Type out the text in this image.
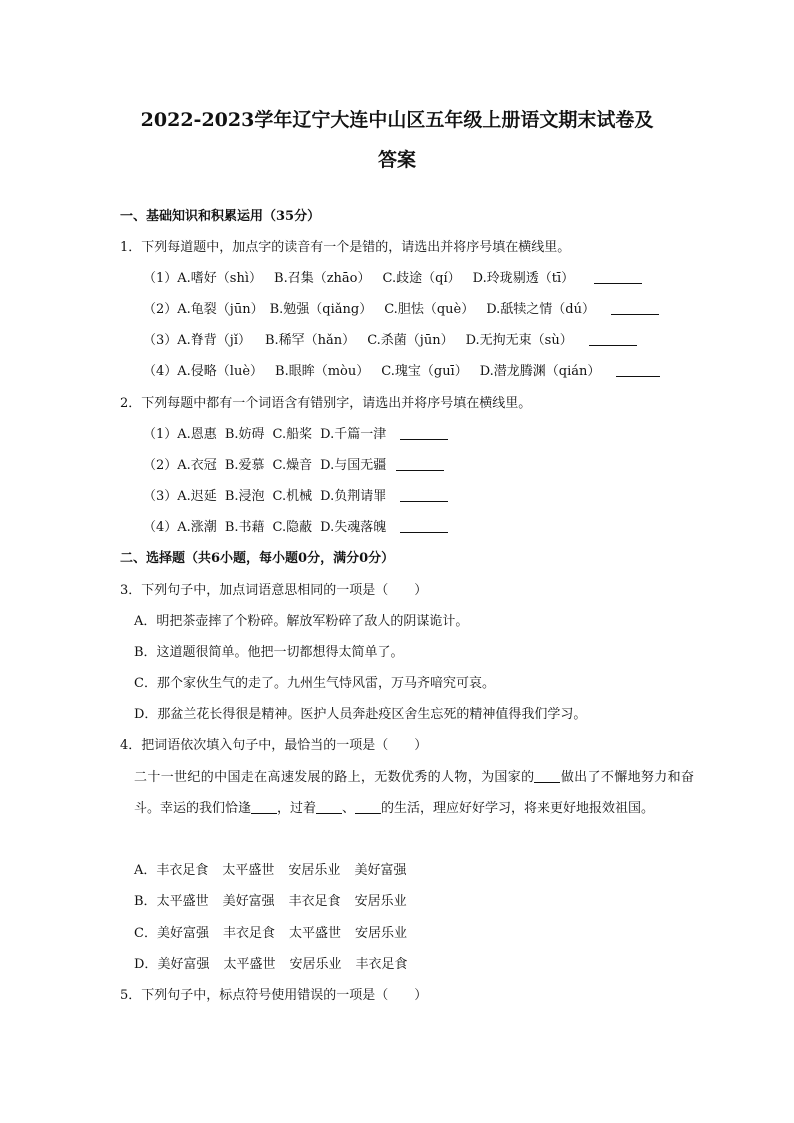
2022-2023学年辽宁大连中山区五年级上册语文期末试卷及
答案
一、基础知识和积累运用（35分）
1．下列每道题中，加点字的读音有一个是错的，请选出并将序号填在横线里。
（1）A.嗜好（shì） B.召集（zhāo） C.歧途（qí） D.玲珑剔透（tī）
（2）A.龟裂（jūn） B.勉强（qiǎng） C.胆怯（què） D.舐犊之情（dú）
（3）A.脊背（jǐ） B.稀罕（hǎn） C.杀菌（jūn） D.无拘无束（sù）
（4）A.侵略（luè） B.眼眸（mòu） C.瑰宝（guī） D.潜龙腾渊（qián）
2．下列每题中都有一个词语含有错别字，请选出并将序号填在横线里。
（1）A.恩惠 B.妨碍 C.船桨 D.千篇一津
（2）A.衣冠 B.爱慕 C.燥音 D.与国无疆
（3）A.迟延 B.浸泡 C.机械 D.负荆请罪
（4）A.涨潮 B.书藉 C.隐蔽 D.失魂落魄
二、选择题（共6小题，每小题0分，满分0分）
3．下列句子中，加点词语意思相同的一项是（　　）
A．明把茶壶摔了个粉碎。解放军粉碎了敌人的阴谋诡计。
B．这道题很简单。他把一切都想得太简单了。
C．那个家伙生气的走了。九州生气恃风雷，万马齐喑究可哀。
D．那盆兰花长得很是精神。医护人员奔赴疫区舍生忘死的精神值得我们学习。
4．把词语依次填入句子中，最恰当的一项是（　　）
二十一世纪的中国走在高速发展的路上，无数优秀的人物，为国家的 做出了不懈地努力和奋斗。幸运的我们恰逢 ，过着 、 的生活，理应好好学习，将来更好地报效祖国。
A．丰衣足食 太平盛世 安居乐业 美好富强
B．太平盛世 美好富强 丰衣足食 安居乐业
C．美好富强 丰衣足食 太平盛世 安居乐业
D．美好富强 太平盛世 安居乐业 丰衣足食
5．下列句子中，标点符号使用错误的一项是（　　）
